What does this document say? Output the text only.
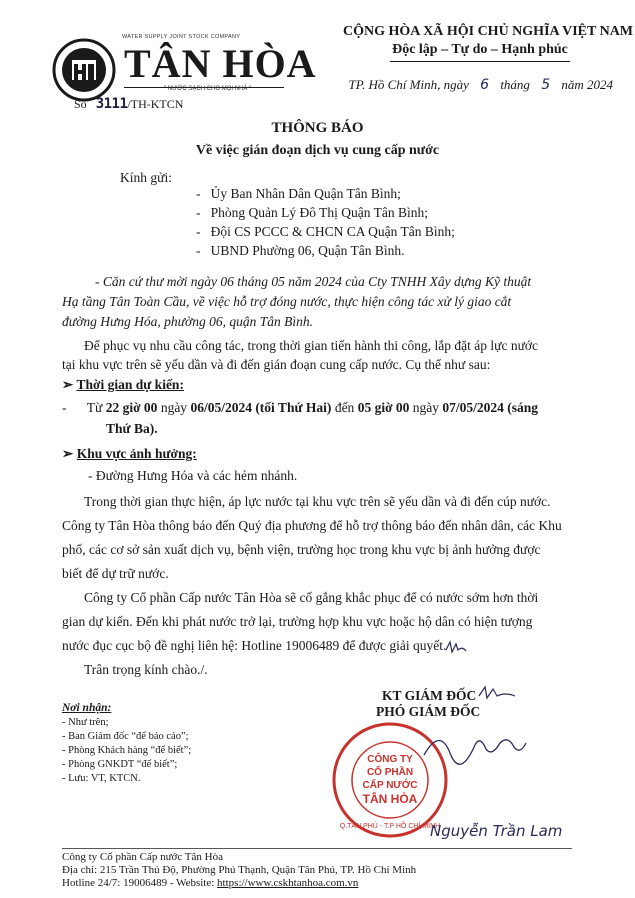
WATER SUPPLY JOINT STOCK COMPANY
TÂN HÒA
" NƯỚC SẠCH CHO MỌI NHÀ "
CỘNG HÒA XÃ HỘI CHỦ NGHĨA VIỆT NAM
Độc lập – Tự do – Hạnh phúc
TP. Hồ Chí Minh, ngày 6 tháng 5 năm 2024
Số 3111/TH-KTCN
THÔNG BÁO
Về việc gián đoạn dịch vụ cung cấp nước
Kính gửi:
-   Ủy Ban Nhân Dân Quận Tân Bình;
-   Phòng Quản Lý Đô Thị Quận Tân Bình;
-   Đội CS PCCC & CHCN CA Quận Tân Bình;
-   UBND Phường 06, Quận Tân Bình.
- Căn cứ thư mời ngày 06 tháng 05 năm 2024 của Cty TNHH Xây dựng Kỹ thuật
Hạ tầng Tân Toàn Cầu, về việc hỗ trợ đóng nước, thực hiện công tác xử lý giao cắt
đường Hưng Hóa, phường 06, quận Tân Bình.
Để phục vụ nhu cầu công tác, trong thời gian tiến hành thi công, lắp đặt áp lực nước
tại khu vực trên sẽ yếu dần và đi đến gián đoạn cung cấp nước. Cụ thể như sau:
➢ Thời gian dự kiến:
-      Từ 22 giờ 00 ngày 06/05/2024 (tối Thứ Hai) đến 05 giờ 00 ngày 07/05/2024 (sáng
Thứ Ba).
➢ Khu vực ảnh hưởng:
- Đường Hưng Hóa và các hẻm nhánh.
Trong thời gian thực hiện, áp lực nước tại khu vực trên sẽ yếu dần và đi đến cúp nước.
Công ty Tân Hòa thông báo đến Quý địa phương để hỗ trợ thông báo đến nhân dân, các Khu
phố, các cơ sở sản xuất dịch vụ, bệnh viện, trường học trong khu vực bị ảnh hưởng được
biết để dự trữ nước.
Công ty Cổ phần Cấp nước Tân Hòa sẽ cố gắng khắc phục để có nước sớm hơn thời
gian dự kiến. Đến khi phát nước trở lại, trường hợp khu vực hoặc hộ dân có hiện tượng
nước đục cục bộ đề nghị liên hệ: Hotline 19006489 để được giải quyết.
Trân trọng kính chào./.
Nơi nhận:
- Như trên;
- Ban Giám đốc “để báo cáo”;
- Phòng Khách hàng “để biết”;
- Phòng GNKDT “để biết”;
- Lưu: VT, KTCN.
KT GIÁM ĐỐC
PHÓ GIÁM ĐỐC
CÔNG TY
CỔ PHẦN
CẤP NƯỚC
TÂN HÒA
Q.TÂN PHÚ - T.P HỒ CHÍ MINH
Nguyễn Trần Lam
Công ty Cổ phần Cấp nước Tân Hòa
Địa chỉ: 215 Trần Thủ Độ, Phường Phú Thạnh, Quận Tân Phú, TP. Hồ Chí Minh
Hotline 24/7: 19006489 - Website: https://www.cskhtanhoa.com.vn
